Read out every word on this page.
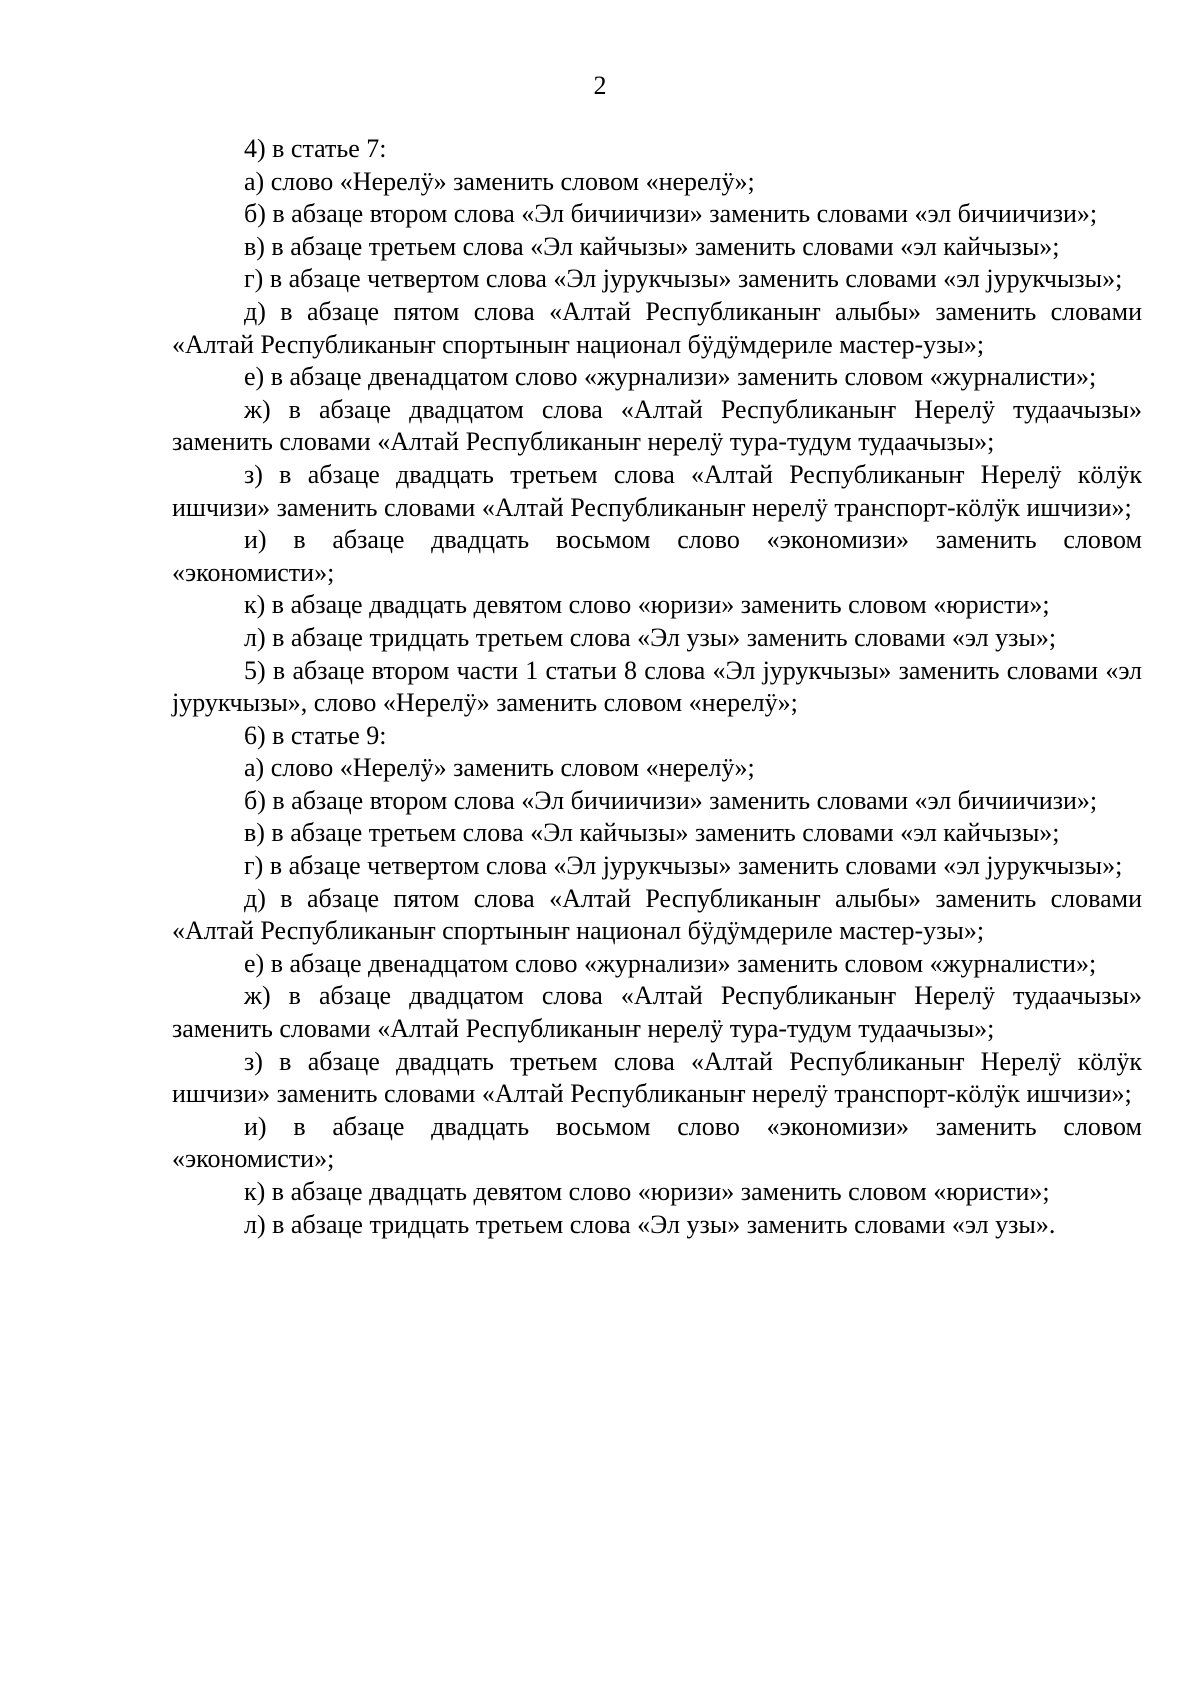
2

4) в статье 7:

а) слово «Нерелӱ» заменить словом «нерелӱ»;

б) в абзаце втором слова «Эл бичиичизи» заменить словами «эл бичиичизи»;

в) в абзаце третьем слова «Эл кайчызы» заменить словами «эл кайчызы»;

г) в абзаце четвертом слова «Эл јурукчызы» заменить словами «эл јурукчызы»;

д) в абзаце пятом слова «Алтай Республиканыҥ алыбы» заменить словами «Алтай Республиканыҥ спортыныҥ национал бӱдӱмдериле мастер-узы»;

е) в абзаце двенадцатом слово «журнализи» заменить словом «журналисти»;

ж) в абзаце двадцатом слова «Алтай Республиканыҥ Нерелӱ тудаачызы» заменить словами «Алтай Республиканыҥ нерелӱ тура-тудум тудаачызы»;

з) в абзаце двадцать третьем слова «Алтай Республиканыҥ Нерелӱ кӧлӱк ишчизи» заменить словами «Алтай Республиканыҥ нерелӱ транспорт-кӧлӱк ишчизи»;

и) в абзаце двадцать восьмом слово «экономизи» заменить словом «экономисти»;

к) в абзаце двадцать девятом слово «юризи» заменить словом «юристи»;

л) в абзаце тридцать третьем слова «Эл узы» заменить словами «эл узы»;

5) в абзаце втором части 1 статьи 8 слова «Эл јурукчызы» заменить словами «эл јурукчызы», слово «Нерелӱ» заменить словом «нерелӱ»;

6) в статье 9:

а) слово «Нерелӱ» заменить словом «нерелӱ»;

б) в абзаце втором слова «Эл бичиичизи» заменить словами «эл бичиичизи»;

в) в абзаце третьем слова «Эл кайчызы» заменить словами «эл кайчызы»;

г) в абзаце четвертом слова «Эл јурукчызы» заменить словами «эл јурукчызы»;

д) в абзаце пятом слова «Алтай Республиканыҥ алыбы» заменить словами «Алтай Республиканыҥ спортыныҥ национал бӱдӱмдериле мастер-узы»;

е) в абзаце двенадцатом слово «журнализи» заменить словом «журналисти»;

ж) в абзаце двадцатом слова «Алтай Республиканыҥ Нерелӱ тудаачызы» заменить словами «Алтай Республиканыҥ нерелӱ тура-тудум тудаачызы»;

з) в абзаце двадцать третьем слова «Алтай Республиканыҥ Нерелӱ кӧлӱк ишчизи» заменить словами «Алтай Республиканыҥ нерелӱ транспорт-кӧлӱк ишчизи»;

и) в абзаце двадцать восьмом слово «экономизи» заменить словом «экономисти»;

к) в абзаце двадцать девятом слово «юризи» заменить словом «юристи»;

л) в абзаце тридцать третьем слова «Эл узы» заменить словами «эл узы».
